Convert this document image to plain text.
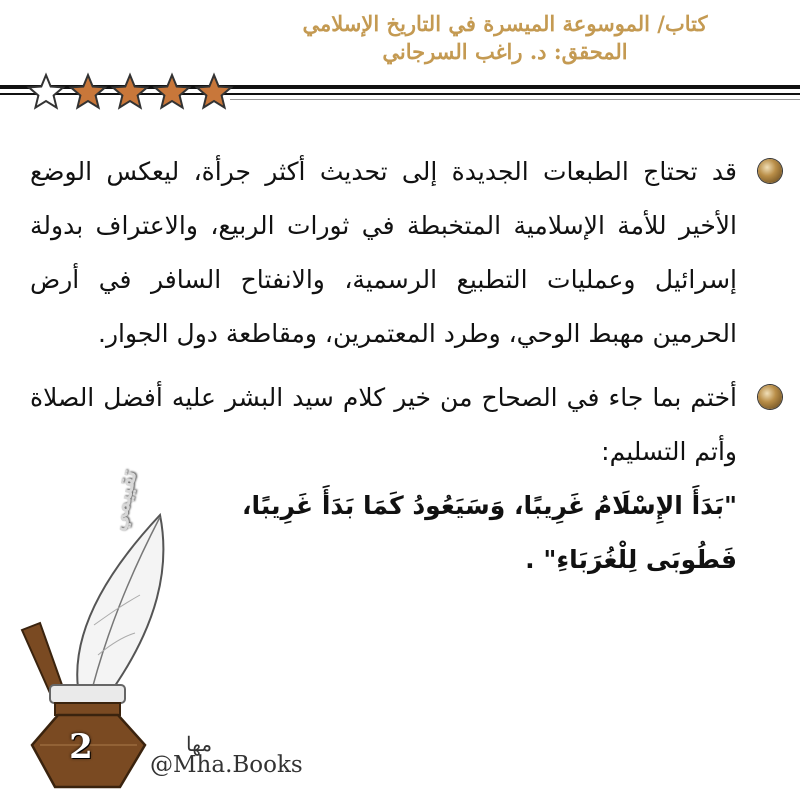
كتاب/ الموسوعة الميسرة في التاريخ الإسلامي
المحقق: د. راغب السرجاني
قد تحتاج الطبعات الجديدة إلى تحديث أكثر جرأة، ليعكس الوضع الأخير للأمة الإسلامية المتخبطة في ثورات الربيع، والاعتراف بدولة إسرائيل وعمليات التطبيع الرسمية، والانفتاح السافر في أرض الحرمين مهبط الوحي، وطرد المعتمرين، ومقاطعة دول الجوار.
أختم بما جاء في الصحاح من خير كلام سيد البشر عليه أفضل الصلاة وأتم التسليم:
"بَدَأَ الإِسْلَامُ غَرِيبًا، وَسَيَعُودُ كَمَا بَدَأَ غَرِيبًا،
فَطُوبَى لِلْغُرَبَاءِ" .
تقييمي
2	مها
@Mha.Books
